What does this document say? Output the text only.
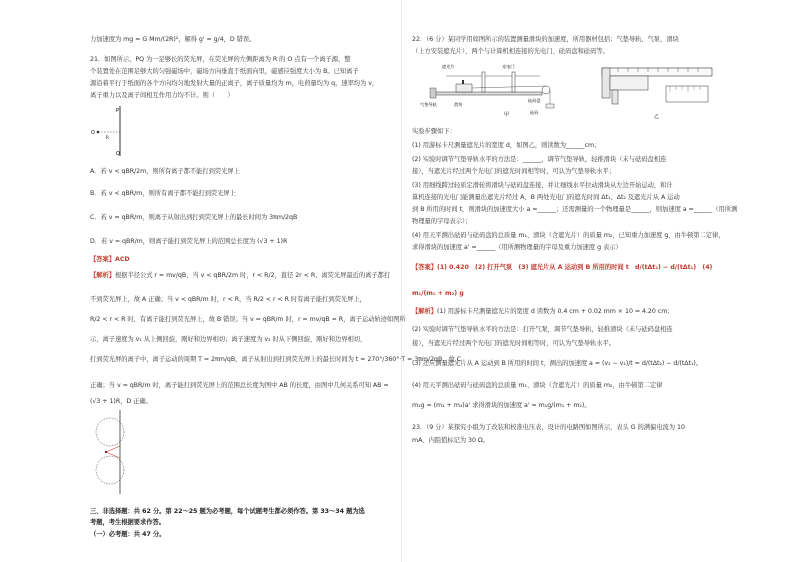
力加速度为 mg = G Mm/(2R)²，解得 g' = g/4，D 错误。
21．如图所示，PQ 为一足够长的荧光屏，在荧光屏的左侧距离为 R 的 O 点有一个离子源，整
个装置处在范围足够大的匀强磁场中，磁场方向垂直于纸面向里，磁感应强度大小为 B。已知离子
源沿着平行于纸面的各个方向均匀地发射大量的正离子，离子质量均为 m，电荷量均为 q，速率均为 v，
离子重力以及离子间相互作用力均不计。则（　　）
P
O
R
Q
A．若 v < qBR/2m，则所有离子都不能打到荧光屏上
B．若 v < qBR/m，则所有离子都不能打到荧光屏上
C．若 v = qBR/m，则离子从射出到打到荧光屏上的最长时间为 3πm/2qB
D．若 v = qBR/m，则离子能打到荧光屏上的范围总长度为 (√3 + 1)R
【答案】ACD
【解析】根据半径公式 r = mv/qB，当 v < qBR/2m 时，r < R/2，直径 2r < R，离荧光屏最近的离子都打
不到荧光屏上，故 A 正确；当 v < qBR/m 时，r < R，当 R/2 < r < R 时有离子能打到荧光屏上，
R/2 < r < R 时，有离子能打到荧光屏上，故 B 错误；当 v = qBR/m 时，r = mv/qB = R，离子运动轨迹如图所
示，离子速度为 v₁ 从上侧回旋，刚好和边界相切；离子速度为 v₂ 时从下侧回旋，刚好和边界相切，
打到荧光屏的离子中，离子运动的周期 T = 2πm/qB，离子从射出到打到荧光屏上的最长时间为 t = 270°/360°·T = 3πm/2qB，故 C
正确；当 v = qBR/m 时，离子能打到荧光屏上的范围总长度为图中 AB 的长度，由图中几何关系可知 AB =
(√3 + 1)R，D 正确。
三、非选择题：共 62 分。第 22～25 题为必考题，每个试题考生都必须作答。第 33～34 题为选
考题，考生根据要求作答。
（一）必考题：共 47 分。
22．（6 分）某同学用如图所示的装置测量滑块的加速度，所用器材包括：气垫导轨、气泵、滑块
（上方安装遮光片）、两个与计算机相连接的光电门、砝码盘和砝码等。
遮光片	光电门
气垫导轨	滑块
砝码盘
砝码
甲	乙
实验步骤如下：
(1) 用游标卡尺测量遮光片的宽度 d，如图乙，则读数为______cm；
(2) 实验时调节气垫导轨水平的方法是：______，调节气垫导轨，轻推滑块（未与砝码盘相连
接），当遮光片经过两个光电门的遮光时间相等时，可认为气垫导轨水平；
(3) 用细线跨过轻质定滑轮将滑块与砝码盘连接，并让细线水平拉动滑块从左边开始运动，和计
算机连接的光电门能测量出遮光片经过 A、B 两处光电门的遮光时间 Δt₁、Δt₂ 及遮光片从 A 运动
到 B 所用的时间 t，则滑块的加速度大小 a =______；还需测量的一个物理量是______，则加速度 a =______（用所测
物理量的字母表示）；
(4) 用天平测出砝码与砝码盘的总质量 m₁、滑块（含遮光片）的质量 m₂，已知重力加速度 g，由牛顿第二定律，
求得滑块的加速度 a' =______（用所测物理量的字母及重力加速度 g 表示）
【答案】(1) 0.420　(2) 打开气泵　(3) 遮光片从 A 运动到 B 所用的时间 t　d/(tΔt₂) − d/(tΔt₁)　(4)
m₁/(m₁ + m₂) g
【解析】(1) 用游标卡尺测量遮光片的宽度 d 读数为 0.4 cm + 0.02 mm × 10 = 4.20 cm；
(2) 实验时调节气垫导轨水平的方法是：打开气泵，调节气垫导轨，轻推滑块（未与砝码盘相连
接），当遮光片经过两个光电门的遮光时间相等时，可认为气垫导轨水平。
(3) 还应测量遮光片从 A 运动到 B 所用的时间 t，测出的加速度 a = (v₂ − v₁)/t = d/(tΔt₂) − d/(tΔt₁)。
(4) 用天平测出砝码与砝码盘的总质量 m₁、滑块（含遮光片）的质量 m₂，由牛顿第二定律
m₁g = (m₁ + m₂)a' 求得滑块的加速度 a' = m₁g/(m₁ + m₂)。
23．（9 分）某探究小组为了改装和校准电压表，设计的电路图如图所示，表头 G 的满偏电流为 10
mA、内阻值标记为 30 Ω。
